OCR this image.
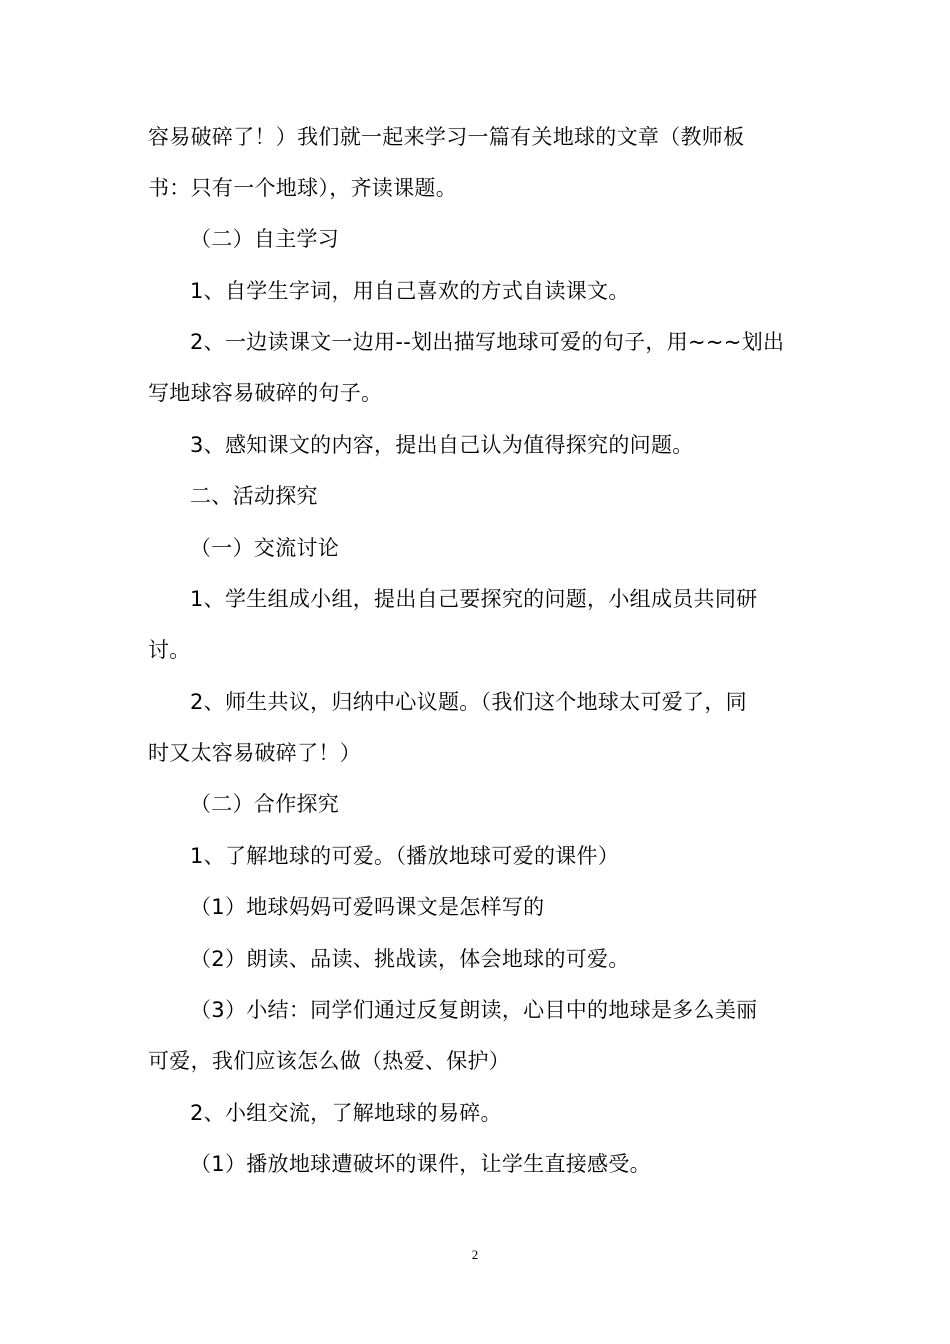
容易破碎了！）我们就一起来学习一篇有关地球的文章（教师板
书：只有一个地球），齐读课题。
（二）自主学习
1、自学生字词，用自己喜欢的方式自读课文。
2、一边读课文一边用--划出描写地球可爱的句子，用~~~划出
写地球容易破碎的句子。
3、感知课文的内容，提出自己认为值得探究的问题。
二、活动探究
（一）交流讨论
1、学生组成小组，提出自己要探究的问题，小组成员共同研
讨。
2、师生共议，归纳中心议题。（我们这个地球太可爱了，同
时又太容易破碎了！）
（二）合作探究
1、了解地球的可爱。（播放地球可爱的课件）
（1）地球妈妈可爱吗课文是怎样写的
（2）朗读、品读、挑战读，体会地球的可爱。
（3）小结：同学们通过反复朗读，心目中的地球是多么美丽
可爱，我们应该怎么做（热爱、保护）
2、小组交流，了解地球的易碎。
（1）播放地球遭破坏的课件，让学生直接感受。
2
